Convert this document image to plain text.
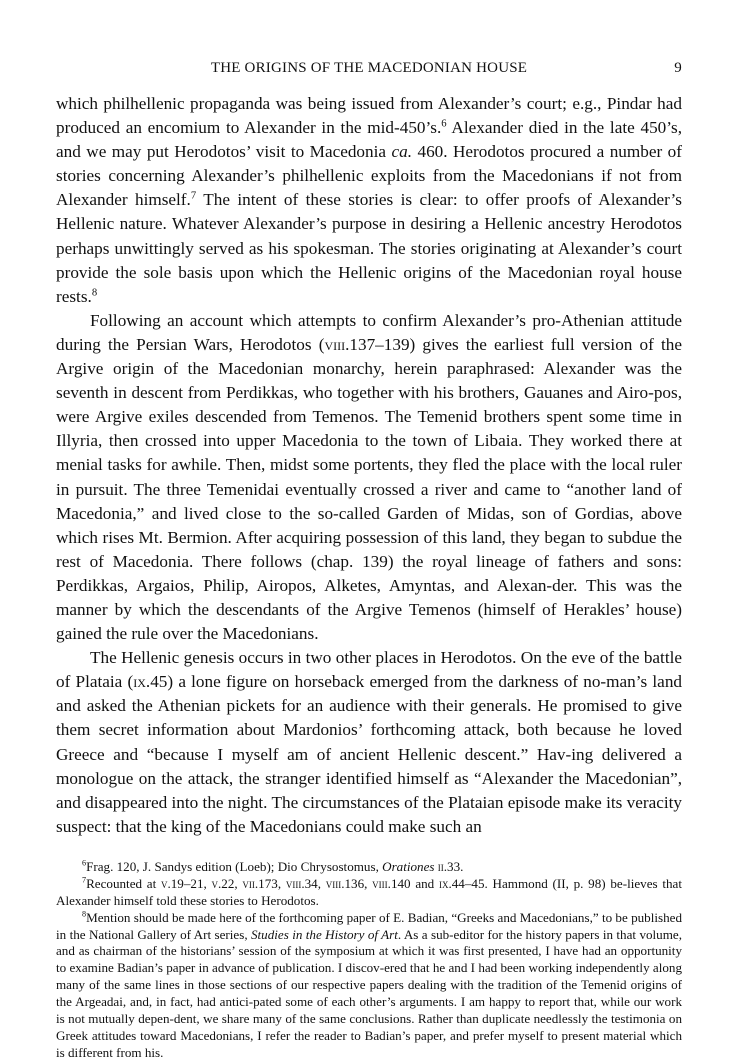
THE ORIGINS OF THE MACEDONIAN HOUSE	9

which philhellenic propaganda was being issued from Alexander’s court; e.g., Pindar had produced an encomium to Alexander in the mid-450’s.$^6$ Alexander died in the late 450’s, and we may put Herodotos’ visit to Macedonia ca. 460. Herodotos procured a number of stories concerning Alexander’s philhellenic exploits from the Macedonians if not from Alexander himself.$^7$ The intent of these stories is clear: to offer proofs of Alexander’s Hellenic nature. Whatever Alexander’s purpose in desiring a Hellenic ancestry Herodotos perhaps unwittingly served as his spokesman. The stories originating at Alexander’s court provide the sole basis upon which the Hellenic origins of the Macedonian royal house rests.$^8$

Following an account which attempts to confirm Alexander’s pro-Athenian attitude during the Persian Wars, Herodotos (viii.137–139) gives the earliest full version of the Argive origin of the Macedonian monarchy, herein paraphrased: Alexander was the seventh in descent from Perdikkas, who together with his brothers, Gauanes and Airo-pos, were Argive exiles descended from Temenos. The Temenid brothers spent some time in Illyria, then crossed into upper Macedonia to the town of Libaia. They worked there at menial tasks for awhile. Then, midst some portents, they fled the place with the local ruler in pursuit. The three Temenidai eventually crossed a river and came to “another land of Macedonia,” and lived close to the so-called Garden of Midas, son of Gordias, above which rises Mt. Bermion. After acquiring possession of this land, they began to subdue the rest of Macedonia. There follows (chap. 139) the royal lineage of fathers and sons: Perdikkas, Argaios, Philip, Airopos, Alketes, Amyntas, and Alexan-der. This was the manner by which the descendants of the Argive Temenos (himself of Herakles’ house) gained the rule over the Macedonians.

The Hellenic genesis occurs in two other places in Herodotos. On the eve of the battle of Plataia (ix.45) a lone figure on horseback emerged from the darkness of no-man’s land and asked the Athenian pickets for an audience with their generals. He promised to give them secret information about Mardonios’ forthcoming attack, both because he loved Greece and “because I myself am of ancient Hellenic descent.” Hav-ing delivered a monologue on the attack, the stranger identified himself as “Alexander the Macedonian”, and disappeared into the night. The circumstances of the Plataian episode make its veracity suspect: that the king of the Macedonians could make such an

$^6$Frag. 120, J. Sandys edition (Loeb); Dio Chrysostomus, Orationes ii.33.

$^7$Recounted at v.19–21, v.22, vii.173, viii.34, viii.136, viii.140 and ix.44–45. Hammond (II, p. 98) be-lieves that Alexander himself told these stories to Herodotos.

$^8$Mention should be made here of the forthcoming paper of E. Badian, “Greeks and Macedonians,” to be published in the National Gallery of Art series, Studies in the History of Art. As a sub-editor for the history papers in that volume, and as chairman of the historians’ session of the symposium at which it was first presented, I have had an opportunity to examine Badian’s paper in advance of publication. I discov-ered that he and I had been working independently along many of the same lines in those sections of our respective papers dealing with the tradition of the Temenid origins of the Argeadai, and, in fact, had antici-pated some of each other’s arguments. I am happy to report that, while our work is not mutually depen-dent, we share many of the same conclusions. Rather than duplicate needlessly the testimonia on Greek attitudes toward Macedonians, I refer the reader to Badian’s paper, and prefer myself to present material which is different from his.
